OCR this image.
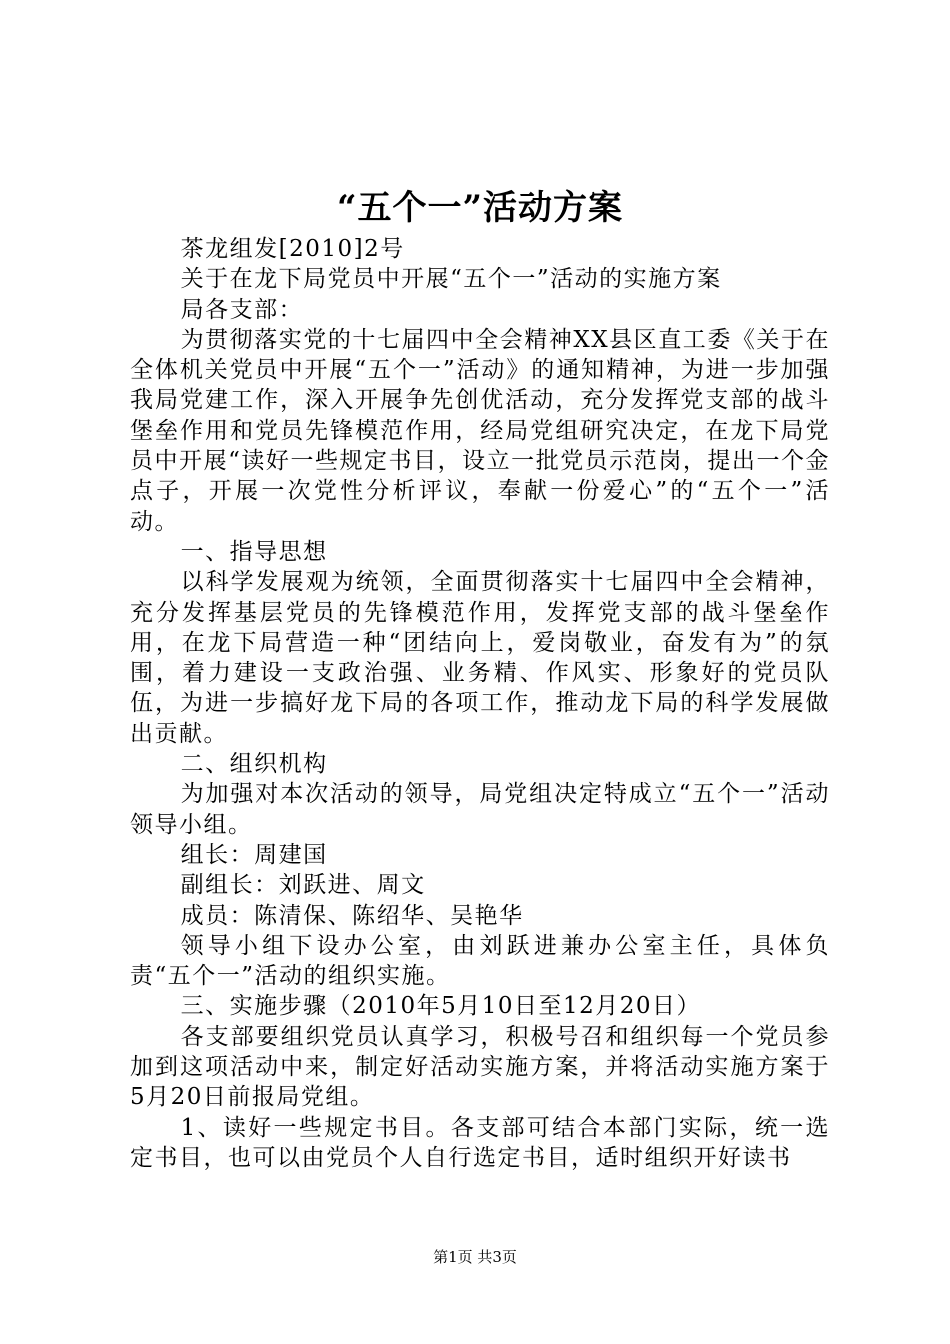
“五个一”活动方案

茶龙组发[2010]2号

关于在龙下局党员中开展“五个一”活动的实施方案

局各支部：

为贯彻落实党的十七届四中全会精神XX县区直工委《关于在全体机关党员中开展“五个一”活动》的通知精神，为进一步加强我局党建工作，深入开展争先创优活动，充分发挥党支部的战斗堡垒作用和党员先锋模范作用，经局党组研究决定，在龙下局党员中开展“读好一些规定书目，设立一批党员示范岗，提出一个金点子，开展一次党性分析评议，奉献一份爱心”的“五个一”活动。

一、指导思想

以科学发展观为统领，全面贯彻落实十七届四中全会精神，充分发挥基层党员的先锋模范作用，发挥党支部的战斗堡垒作用，在龙下局营造一种“团结向上，爱岗敬业，奋发有为”的氛围，着力建设一支政治强、业务精、作风实、形象好的党员队伍，为进一步搞好龙下局的各项工作，推动龙下局的科学发展做出贡献。

二、组织机构

为加强对本次活动的领导，局党组决定特成立“五个一”活动领导小组。

组长：周建国

副组长：刘跃进、周文

成员：陈清保、陈绍华、吴艳华

领导小组下设办公室，由刘跃进兼办公室主任，具体负责“五个一”活动的组织实施。

三、实施步骤（2010年5月10日至12月20日）

各支部要组织党员认真学习，积极号召和组织每一个党员参加到这项活动中来，制定好活动实施方案，并将活动实施方案于5月20日前报局党组。

1、读好一些规定书目。各支部可结合本部门实际，统一选定书目，也可以由党员个人自行选定书目，适时组织开好读书

第1页 共3页
